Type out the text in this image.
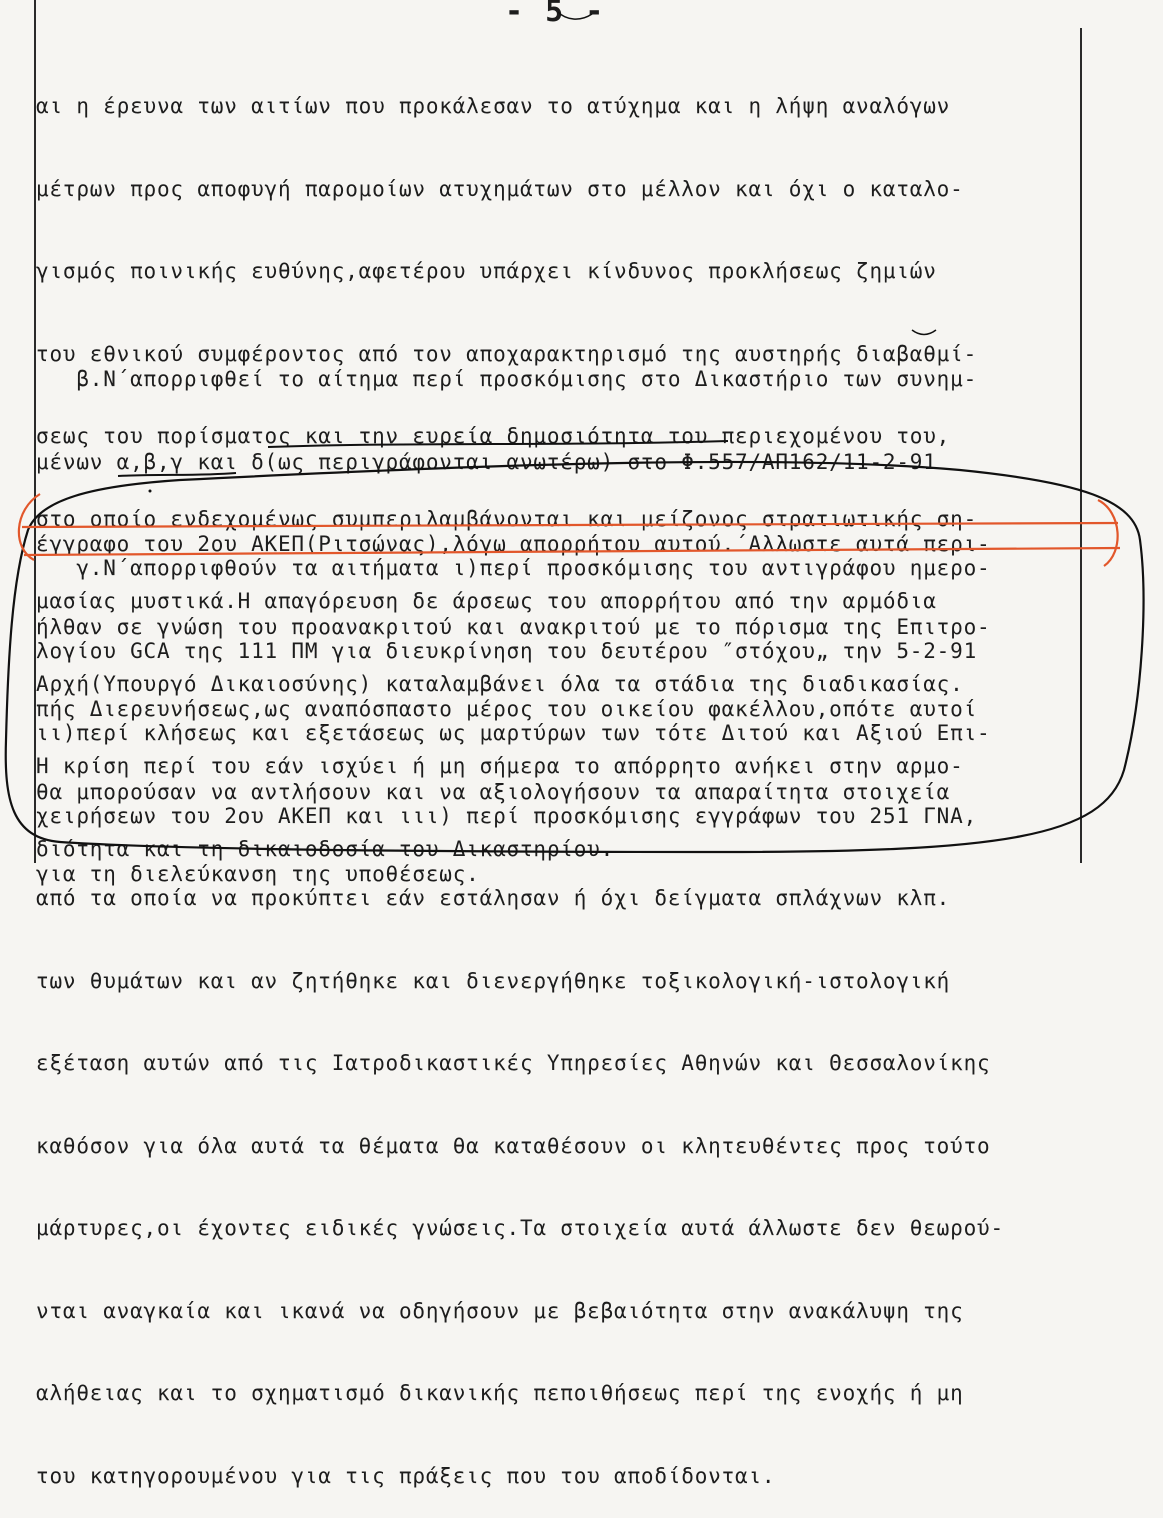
- 5 -

αι η έρευνα των αιτίων που προκάλεσαν το ατύχημα και η λήψη αναλόγων

μέτρων προς αποφυγή παρομοίων ατυχημάτων στο μέλλον και όχι ο καταλο-

γισμός ποινικής ευθύνης,αφετέρου υπάρχει κίνδυνος προκλήσεως ζημιών

του εθνικού συμφέροντος από τον αποχαρακτηρισμό της αυστηρής διαβαθμί-

σεως του πορίσματος και την ευρεία δημοσιότητα του περιεχομένου του,

στο οποίο ενδεχομένως συμπεριλαμβάνονται και μείζονος στρατιωτικής ση-

μασίας μυστικά.Η απαγόρευση δε άρσεως του απορρήτου από την αρμόδια

Αρχή(Υπουργό Δικαιοσύνης) καταλαμβάνει όλα τα στάδια της διαδικασίας.

Η κρίση περί του εάν ισχύει ή μη σήμερα το απόρρητο ανήκει στην αρμο-

διότητα και τη δικαιοδοσία του Δικαστηρίου.

β.Ν΄απορριφθεί το αίτημα περί προσκόμισης στο Δικαστήριο των συνημ-

μένων α,β,γ και δ(ως περιγράφονται ανωτέρω) στο Φ.557/ΑΠ162/11-2-91

έγγραφο του 2ου ΑΚΕΠ(Ριτσώνας),λόγω απορρήτου αυτού.΄Αλλωστε αυτά περι-

ήλθαν σε γνώση του προανακριτού και ανακριτού με το πόρισμα της Επιτρο-

πής Διερευνήσεως,ως αναπόσπαστο μέρος του οικείου φακέλλου,οπότε αυτοί

θα μπορούσαν να αντλήσουν και να αξιολογήσουν τα απαραίτητα στοιχεία

για τη διελεύκανση της υποθέσεως.

γ.Ν΄απορριφθούν τα αιτήματα ι)περί προσκόμισης του αντιγράφου ημερο-

λογίου GCA της 111 ΠΜ για διευκρίνηση του δευτέρου ″στόχου„ την 5-2-91

ιι)περί κλήσεως και εξετάσεως ως μαρτύρων των τότε Διτού και Αξιού Επι-

χειρήσεων του 2ου ΑΚΕΠ και ιιι) περί προσκόμισης εγγράφων του 251 ΓΝΑ,

από τα οποία να προκύπτει εάν εστάλησαν ή όχι δείγματα σπλάχνων κλπ.

των θυμάτων και αν ζητήθηκε και διενεργήθηκε τοξικολογική-ιστολογική

εξέταση αυτών από τις Ιατροδικαστικές Υπηρεσίες Αθηνών και Θεσσαλονίκης

καθόσον για όλα αυτά τα θέματα θα καταθέσουν οι κλητευθέντες προς τούτο

μάρτυρες,οι έχοντες ειδικές γνώσεις.Τα στοιχεία αυτά άλλωστε δεν θεωρού-

νται αναγκαία και ικανά να οδηγήσουν με βεβαιότητα στην ανακάλυψη της

αλήθειας και το σχηματισμό δικανικής πεποιθήσεως περί της ενοχής ή μη

του κατηγορουμένου για τις πράξεις που του αποδίδονται.
